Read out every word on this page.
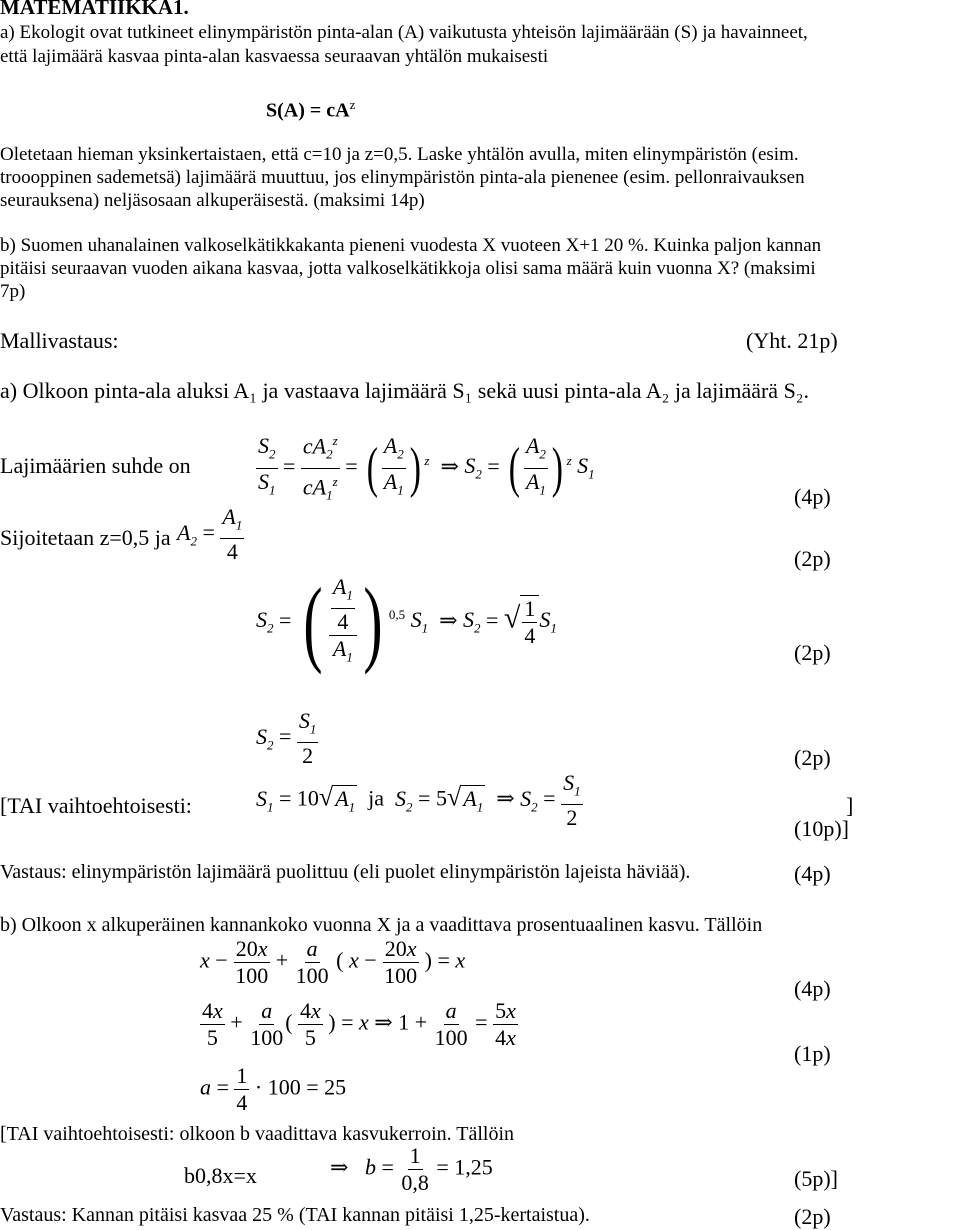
MATEMATIIKKA1.
a) Ekologit ovat tutkineet elinympäristön pinta-alan (A) vaikutusta yhteisön lajimäärään (S) ja havainneet,
että lajimäärä kasvaa pinta-alan kasvaessa seuraavan yhtälön mukaisesti
$S(A) = cA^z$
Oletetaan hieman yksinkertaistaen, että c=10 ja z=0,5. Laske yhtälön avulla, miten elinympäristön (esim.
troooppinen sademetsä) lajimäärä muuttuu, jos elinympäristön pinta-ala pienenee (esim. pellonraivauksen
seurauksena) neljäsosaan alkuperäisestä. (maksimi 14p)
b) Suomen uhanalainen valkoselkätikkakanta pieneni vuodesta X vuoteen X+1 20 %. Kuinka paljon kannan
pitäisi seuraavan vuoden aikana kasvaa, jotta valkoselkätikkoja olisi sama määrä kuin vuonna X? (maksimi
7p)
Mallivastaus:	(Yht. 21p)
a) Olkoon pinta-ala aluksi A₁ ja vastaava lajimäärä S₁ sekä uusi pinta-ala A₂ ja lajimäärä S₂.
Lajimäärien suhde on	$\frac{S_2}{S_1} = \frac{cA_2^z}{cA_1^z}$ = ( $\frac{A_2}{A_1}$ ) $^z$ ⇒ $S_2$ = ( $\frac{A_2}{A_1}$ ) $^z$ $S_1$
(4p)
Sijoitetaan z=0,5 ja $A_2 = \frac{A_1}{4}$	(2p)
$S_2$ = ( $\frac{\frac{A_1}{4}}{A_1}$ ) $^{0,5}$ $S_1$ ⇒ $S_2$ = √ $\frac{1}{4} S_1$
(2p)
$S_2 = \frac{S_1}{2}$	(2p)
[TAI vaihtoehtoisesti:	$S_1 = 10√A_1$  ja  $S_2 = 5√A_1$ ⇒ $S_2 = \frac{S_1}{2}$	]
(10p)]
Vastaus: elinympäristön lajimäärä puolittuu (eli puolet elinympäristön lajeista häviää).	(4p)
b) Olkoon x alkuperäinen kannankoko vuonna X ja a vaadittava prosentuaalinen kasvu. Tällöin
$x - \frac{20x}{100} + \frac{a}{100}$ ( $x - \frac{20x}{100}$ ) = x
(4p)
$\frac{4x}{5} + \frac{a}{100}$ ( $\frac{4x}{5}$ ) = x ⇒ $1 + \frac{a}{100} = \frac{5x}{4x}$
(1p)
$a = \frac{1}{4} \cdot 100 = 25$
[TAI vaihtoehtoisesti: olkoon b vaadittava kasvukerroin. Tällöin
b0,8x=x	⇒ $b = \frac{1}{0,8} = 1,25$	(5p)]
Vastaus: Kannan pitäisi kasvaa 25 % (TAI kannan pitäisi 1,25-kertaistua).	(2p)
